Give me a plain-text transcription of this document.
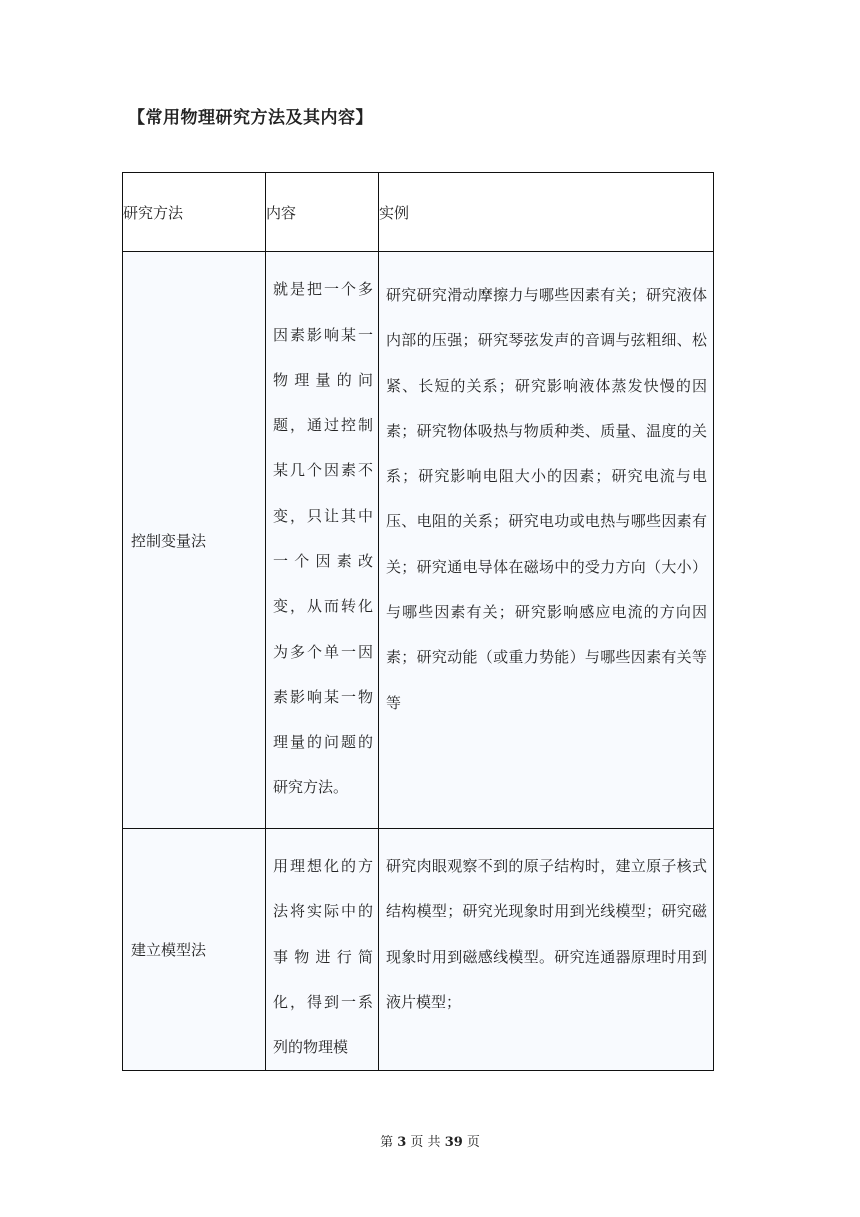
【常用物理研究方法及其内容】
研究方法	内容	实例
控制变量法	就是把一个多因素影响某一物理量的问题，通过控制某几个因素不变，只让其中一个因素改变，从而转化为多个单一因素影响某一物理量的问题的研究方法。	研究研究滑动摩擦力与哪些因素有关；研究液体内部的压强；研究琴弦发声的音调与弦粗细、松紧、长短的关系；研究影响液体蒸发快慢的因素；研究物体吸热与物质种类、质量、温度的关系；研究影响电阻大小的因素；研究电流与电压、电阻的关系；研究电功或电热与哪些因素有关；研究通电导体在磁场中的受力方向（大小）与哪些因素有关；研究影响感应电流的方向因素；研究动能（或重力势能）与哪些因素有关等等

建立模型法	用理想化的方法将实际中的事物进行简化，得到一系列的物理模	研究肉眼观察不到的原子结构时，建立原子核式结构模型；研究光现象时用到光线模型；研究磁现象时用到磁感线模型。研究连通器原理时用到液片模型；
第 3 页 共 39 页
